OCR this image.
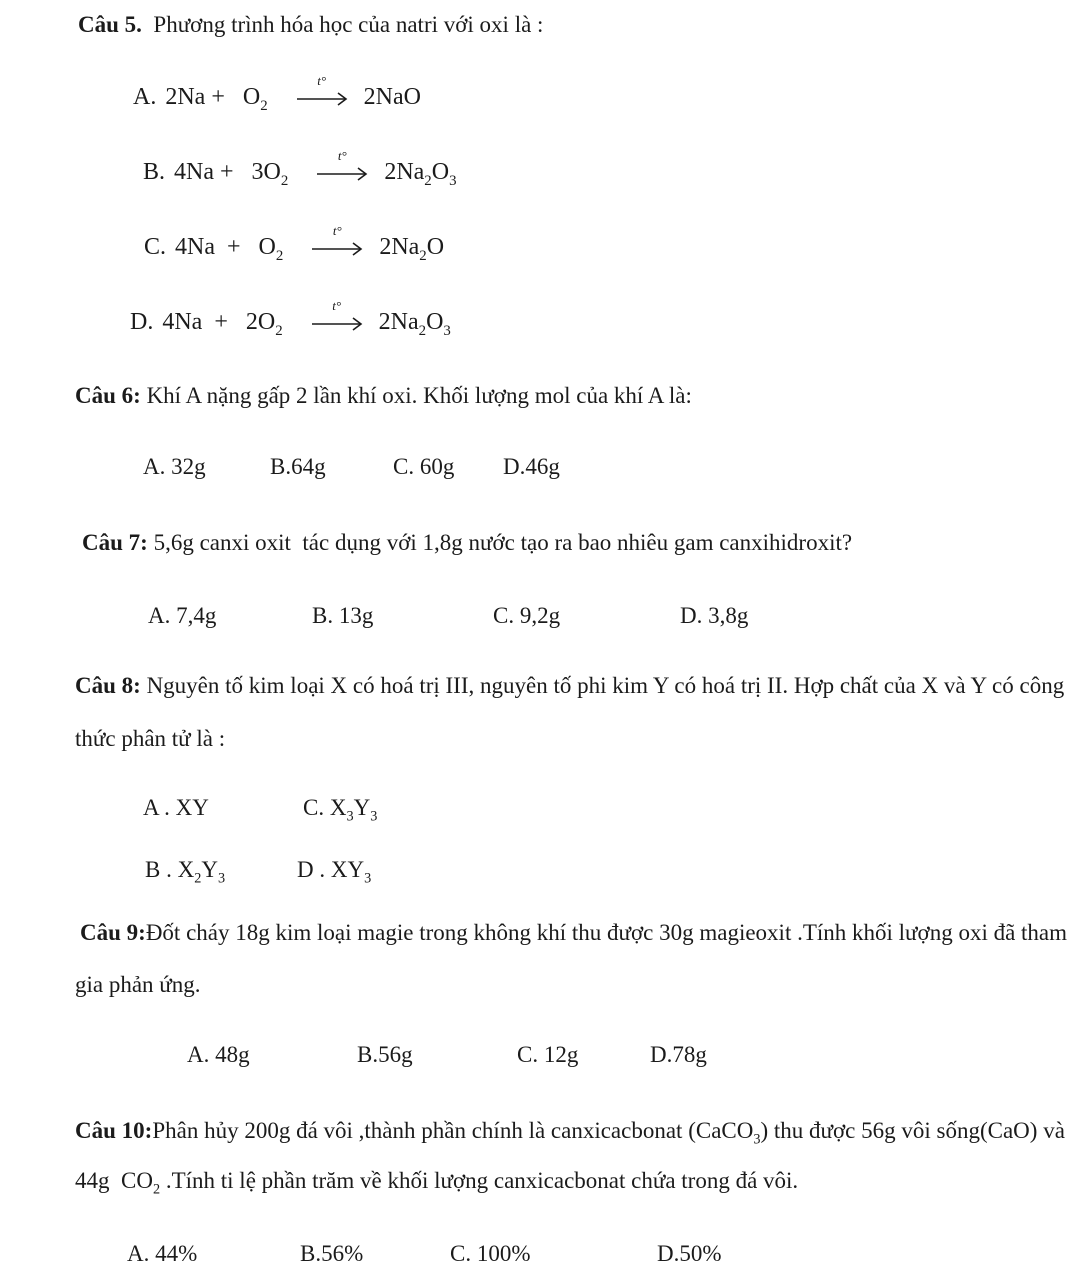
Câu 5.  Phương trình hóa học của natri với oxi là :
A. $2Na + O_2$
t°
2NaO
B. $4Na + 3O_2$
t°
$2Na_2O_3$
C. $4Na + O_2$
t°
$2Na_2O$
D. $4Na + 2O_2$
t°
$2Na_2O_3$
Câu 6: Khí A nặng gấp 2 lần khí oxi. Khối lượng mol của khí A là:
A. 32g	B.64g	C. 60g D.46g
Câu 7: 5,6g canxi oxit  tác dụng với 1,8g nước tạo ra bao nhiêu gam canxihidroxit?
A. 7,4g	B. 13g	C. 9,2g	D. 3,8g
Câu 8: Nguyên tố kim loại X có hoá trị III, nguyên tố phi kim Y có hoá trị II. Hợp chất của X và Y có công
thức phân tử là :
A . XY	C. $X_3Y_3$
B . $X_2Y_3$	D . $XY_3$
Câu 9:Đốt cháy 18g kim loại magie trong không khí thu được 30g magieoxit .Tính khối lượng oxi đã tham
gia phản ứng.
A. 48g	B.56g	C. 12g	D.78g
Câu 10:Phân hủy 200g đá vôi ,thành phần chính là canxicacbonat (CaCO$_3$) thu được 56g vôi sống(CaO) và
44g  $CO_2$ .Tính ti lệ phần trăm về khối lượng canxicacbonat chứa trong đá vôi.
A. 44%	B.56%	C. 100%	D.50%
